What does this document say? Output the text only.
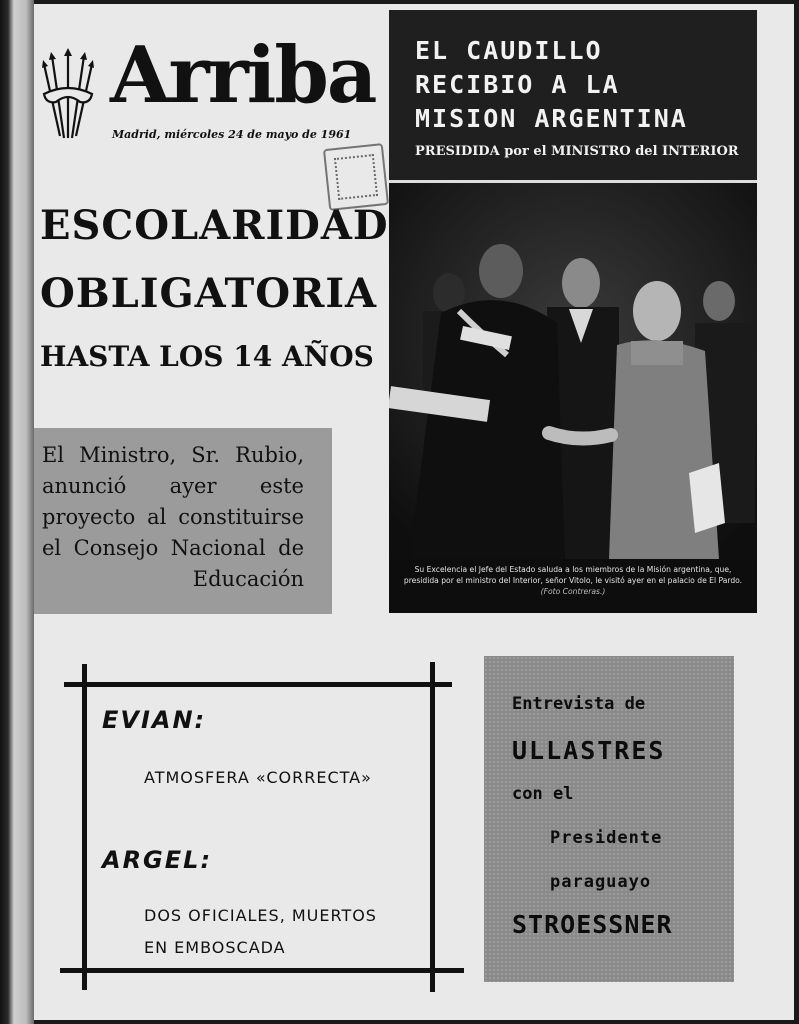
Arriba
Madrid, miércoles 24 de mayo de 1961
ESCOLARIDAD
OBLIGATORIA
HASTA LOS 14 AÑOS

El Ministro, Sr. Rubio, anunció ayer este proyecto al constituirse el Consejo Nacional de Educación

EL CAUDILLO
RECIBIO A LA
MISION ARGENTINA
PRESIDIDA por el MINISTRO del INTERIOR
Su Excelencia el Jefe del Estado saluda a los miembros de la Misión argentina, que, presidida por el ministro del Interior, señor Vitolo, le visitó ayer en el palacio de El Pardo. (Foto Contreras.)
EVIAN:
ATMOSFERA «CORRECTA»
ARGEL:
DOS OFICIALES, MUERTOS
EN EMBOSCADA
Entrevista de
ULLASTRES
con el
Presidente
paraguayo
STROESSNER
